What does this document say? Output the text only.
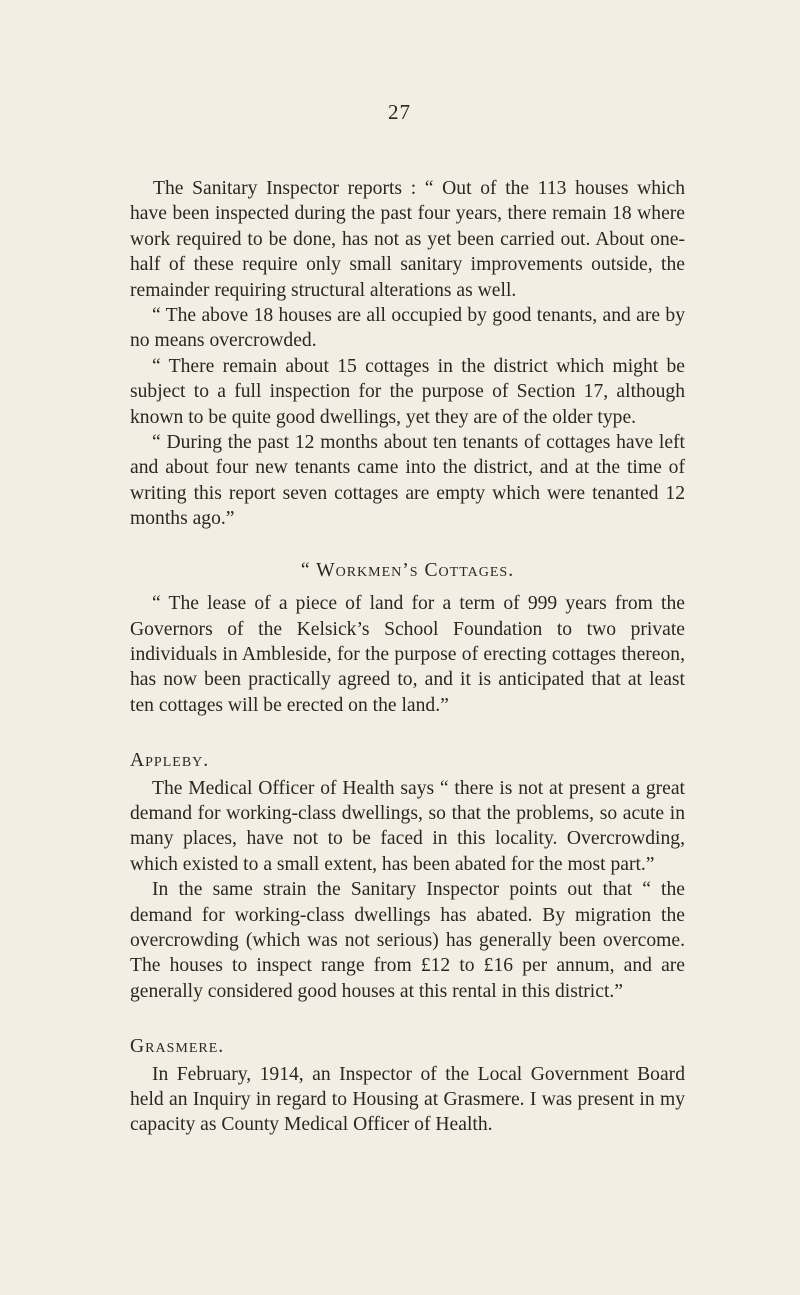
27

The Sanitary Inspector reports : “ Out of the 113 houses which have been inspected during the past four years, there remain 18 where work required to be done, has not as yet been carried out. About one-half of these require only small sanitary improvements outside, the remainder requiring structural alterations as well.

“ The above 18 houses are all occupied by good tenants, and are by no means overcrowded.

“ There remain about 15 cottages in the district which might be subject to a full inspection for the purpose of Section 17, although known to be quite good dwellings, yet they are of the older type.

“ During the past 12 months about ten tenants of cottages have left and about four new tenants came into the district, and at the time of writing this report seven cottages are empty which were tenanted 12 months ago.”

“ Workmen’s Cottages.

“ The lease of a piece of land for a term of 999 years from the Governors of the Kelsick’s School Foundation to two private individuals in Ambleside, for the purpose of erecting cottages thereon, has now been practically agreed to, and it is anticipated that at least ten cottages will be erected on the land.”

Appleby.

The Medical Officer of Health says “ there is not at present a great demand for working-class dwellings, so that the problems, so acute in many places, have not to be faced in this locality. Overcrowding, which existed to a small extent, has been abated for the most part.”

In the same strain the Sanitary Inspector points out that “ the demand for working-class dwellings has abated. By migration the overcrowding (which was not serious) has generally been overcome. The houses to inspect range from £12 to £16 per annum, and are generally considered good houses at this rental in this district.”

Grasmere.

In February, 1914, an Inspector of the Local Government Board held an Inquiry in regard to Housing at Grasmere. I was present in my capacity as County Medical Officer of Health.
